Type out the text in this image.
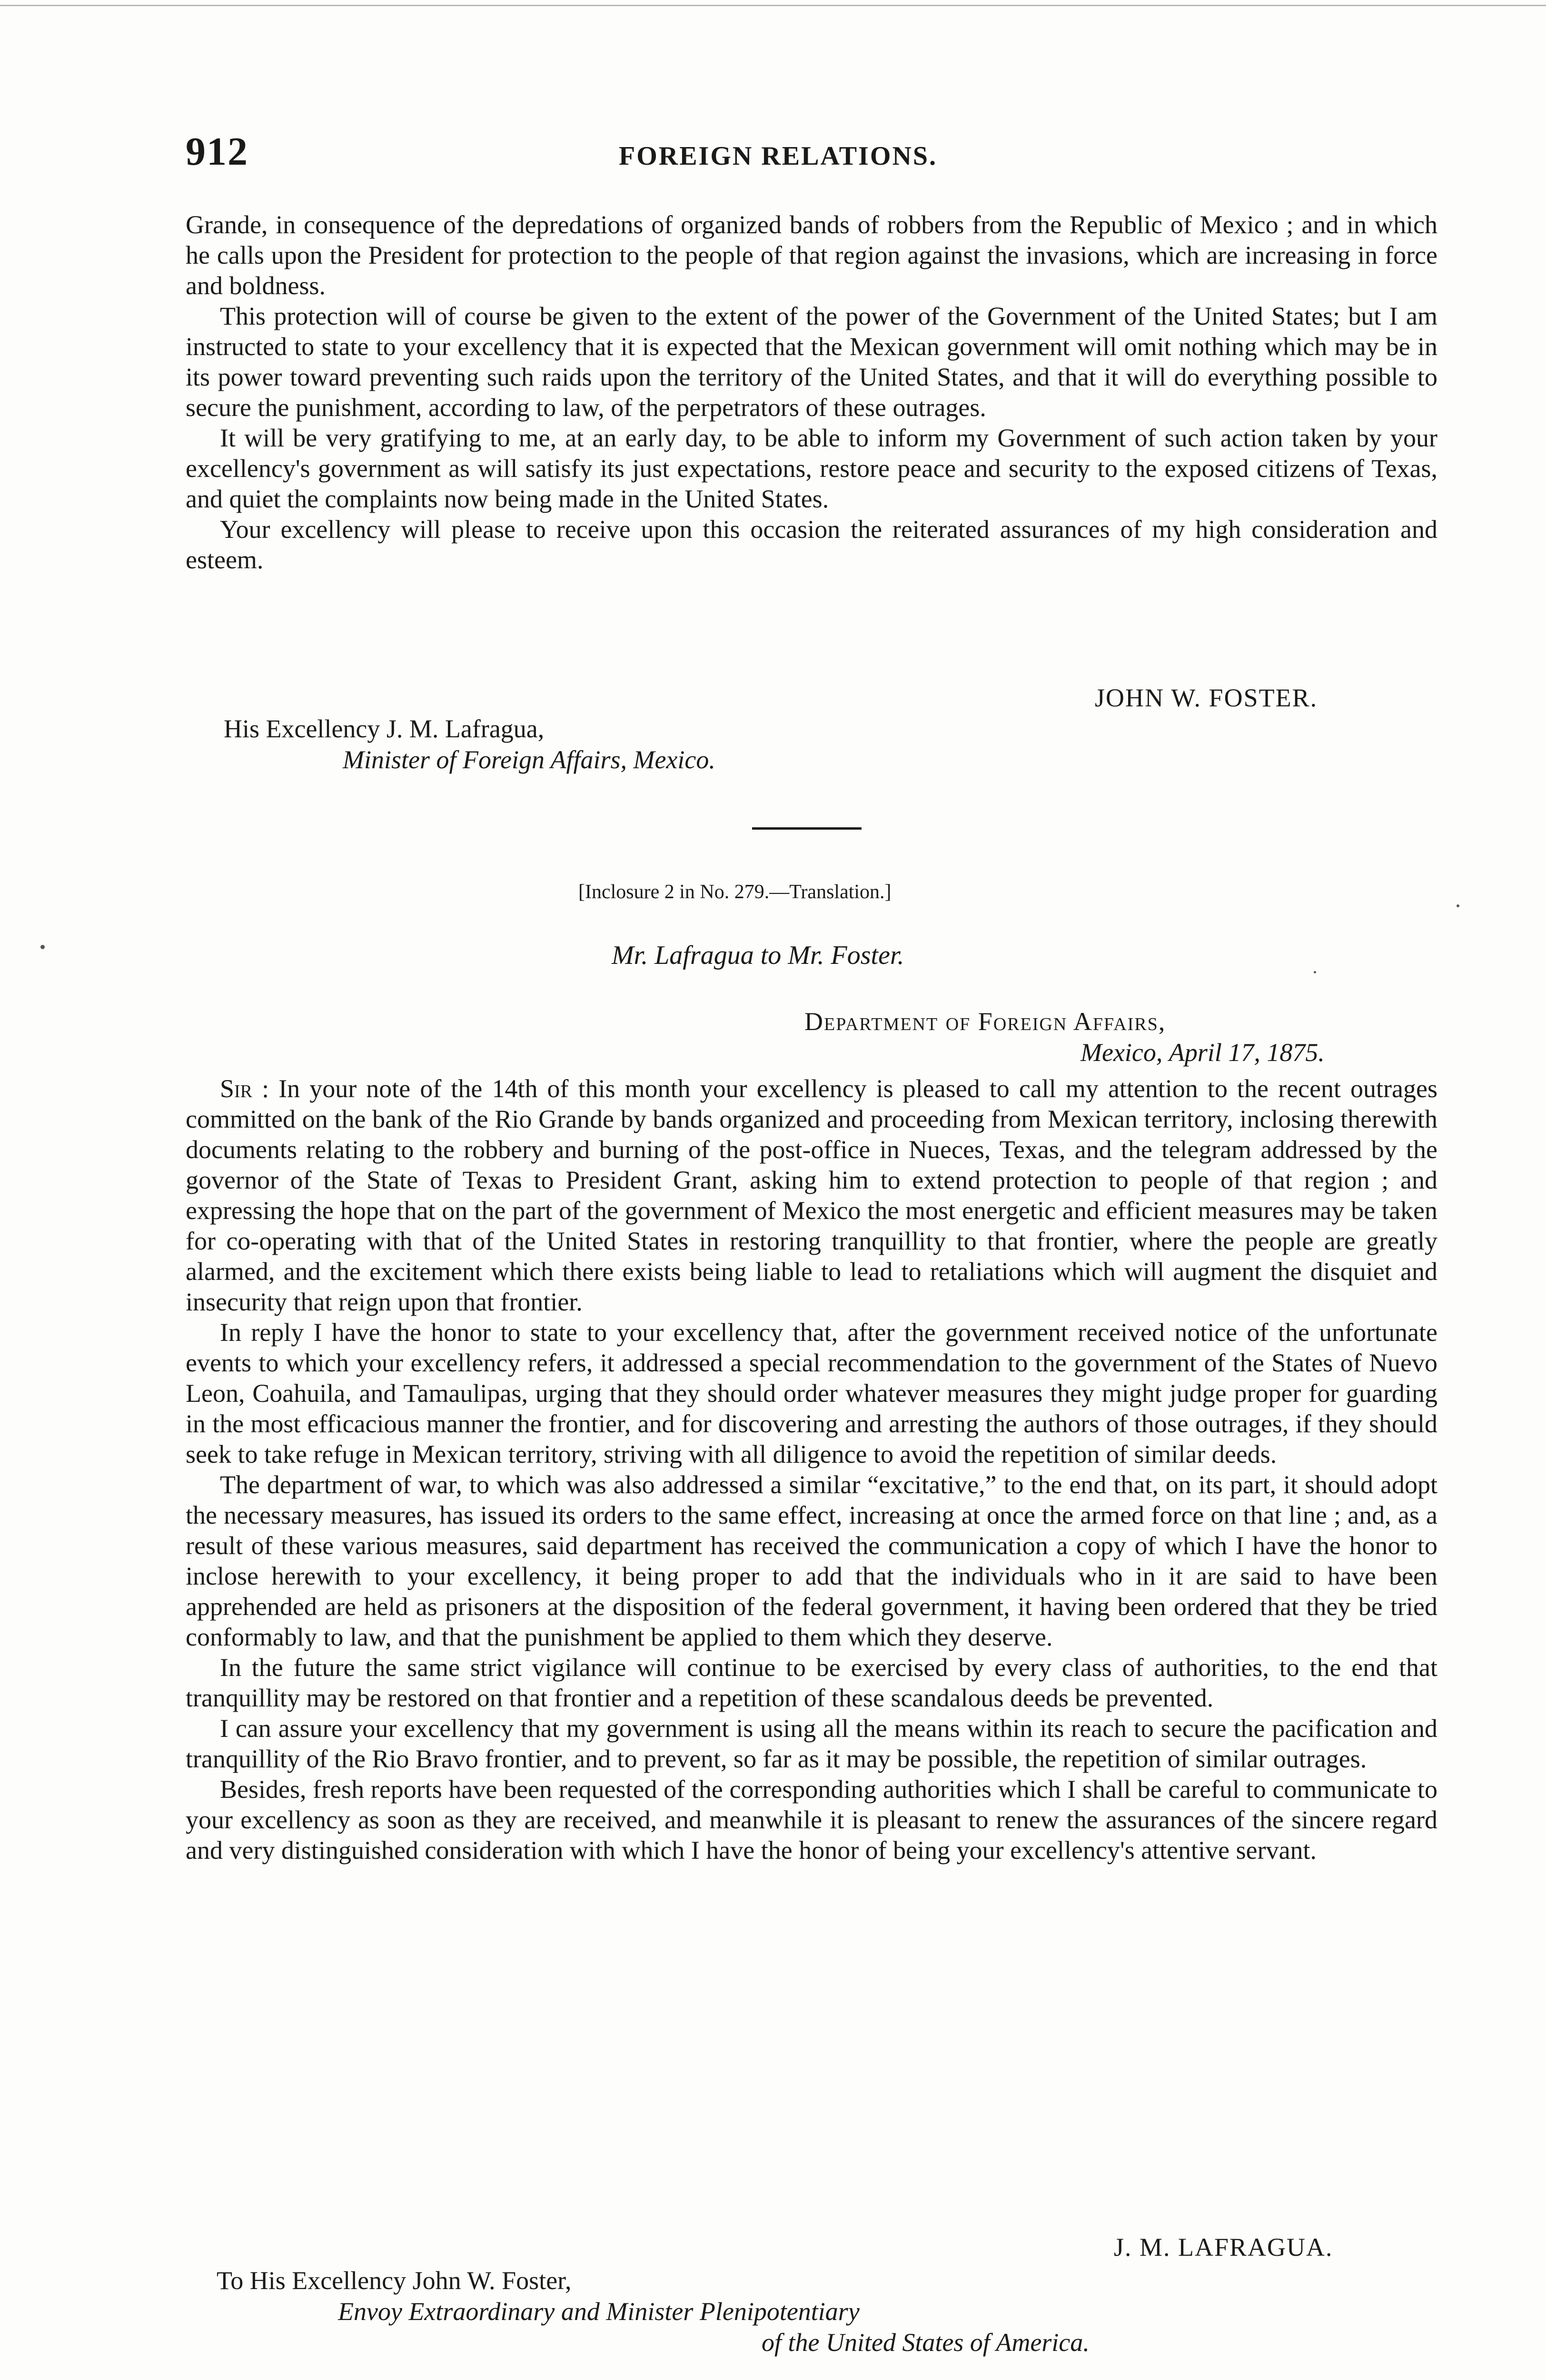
912	FOREIGN RELATIONS.

Grande, in consequence of the depredations of organized bands of robbers from the Republic of Mexico ; and in which he calls upon the President for protection to the people of that region against the invasions, which are increasing in force and boldness.

This protection will of course be given to the extent of the power of the Government of the United States; but I am instructed to state to your excellency that it is expected that the Mexican government will omit nothing which may be in its power toward preventing such raids upon the territory of the United States, and that it will do everything possible to secure the punishment, according to law, of the perpetrators of these outrages.

It will be very gratifying to me, at an early day, to be able to inform my Government of such action taken by your excellency's government as will satisfy its just expectations, restore peace and security to the exposed citizens of Texas, and quiet the complaints now being made in the United States.

Your excellency will please to receive upon this occasion the reiterated assurances of my high consideration and esteem.

JOHN W. FOSTER.
His Excellency J. M. Lafragua,
Minister of Foreign Affairs, Mexico.
[Inclosure 2 in No. 279.—Translation.]
Mr. Lafragua to Mr. Foster.
Department of Foreign Affairs,
Mexico, April 17, 1875.

Sir : In your note of the 14th of this month your excellency is pleased to call my attention to the recent outrages committed on the bank of the Rio Grande by bands organized and proceeding from Mexican territory, inclosing therewith documents relating to the robbery and burning of the post-office in Nueces, Texas, and the telegram addressed by the governor of the State of Texas to President Grant, asking him to extend protection to people of that region ; and expressing the hope that on the part of the government of Mexico the most energetic and efficient measures may be taken for co-operating with that of the United States in restoring tranquillity to that frontier, where the people are greatly alarmed, and the excitement which there exists being liable to lead to retaliations which will augment the disquiet and insecurity that reign upon that frontier.

In reply I have the honor to state to your excellency that, after the government received notice of the unfortunate events to which your excellency refers, it addressed a special recommendation to the government of the States of Nuevo Leon, Coahuila, and Tamaulipas, urging that they should order whatever measures they might judge proper for guarding in the most efficacious manner the frontier, and for discovering and arresting the authors of those outrages, if they should seek to take refuge in Mexican territory, striving with all diligence to avoid the repetition of similar deeds.

The department of war, to which was also addressed a similar “excitative,” to the end that, on its part, it should adopt the necessary measures, has issued its orders to the same effect, increasing at once the armed force on that line ; and, as a result of these various measures, said department has received the communication a copy of which I have the honor to inclose herewith to your excellency, it being proper to add that the individuals who in it are said to have been apprehended are held as prisoners at the disposition of the federal government, it having been ordered that they be tried conformably to law, and that the punishment be applied to them which they deserve.

In the future the same strict vigilance will continue to be exercised by every class of authorities, to the end that tranquillity may be restored on that frontier and a repetition of these scandalous deeds be prevented.

I can assure your excellency that my government is using all the means within its reach to secure the pacification and tranquillity of the Rio Bravo frontier, and to prevent, so far as it may be possible, the repetition of similar outrages.

Besides, fresh reports have been requested of the corresponding authorities which I shall be careful to communicate to your excellency as soon as they are received, and meanwhile it is pleasant to renew the assurances of the sincere regard and very distinguished consideration with which I have the honor of being your excellency's attentive servant.

J. M. LAFRAGUA.
To His Excellency John W. Foster,
Envoy Extraordinary and Minister Plenipotentiary
of the United States of America.
